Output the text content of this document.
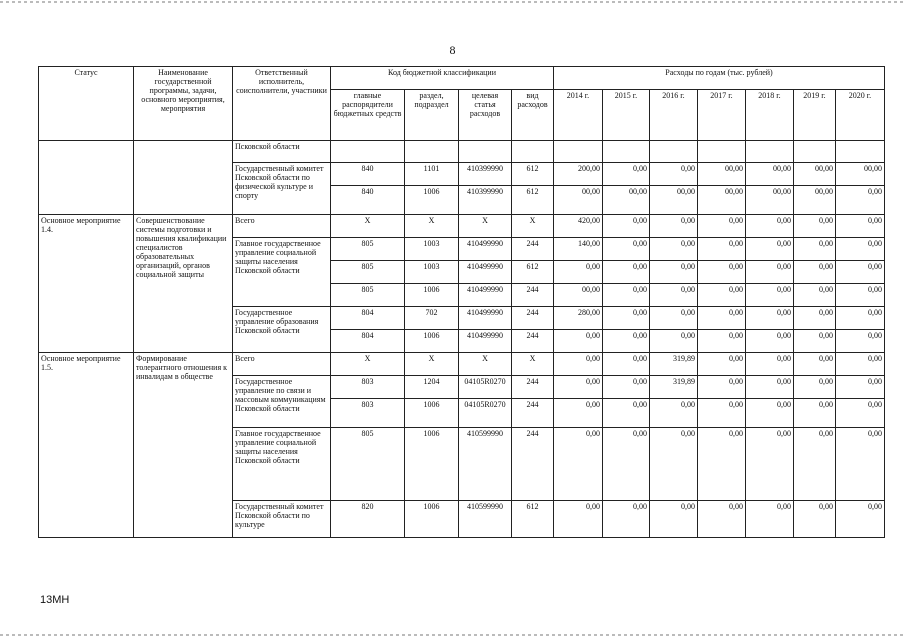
8
Статус	Наименование государственной программы, задачи, основного мероприятия, мероприятия	Ответственный исполнитель, соисполнители, участники	Код бюджетной классификации				Расходы по годам (тыс. рублей)						
			главные распорядители бюджетных средств	раздел, подраздел	целевая статья расходов	вид расходов	2014 г.	2015 г.	2016 г.	2017 г.	2018 г.	2019 г.	2020 г.
		Псковской области											
		Государственный комитет Псковской области по физической культуре и спорту	840	1101	410399990	612	200,00	0,00	0,00	00,00	00,00	00,00	00,00
			840	1006	410399990	612	00,00	00,00	00,00	00,00	00,00	00,00	0,00
Основное мероприятие 1.4.	Совершенствование системы подготовки и повышения квалификации специалистов образовательных организаций, органов социальной защиты	Всего	X	X	X	X	420,00	0,00	0,00	0,00	0,00	0,00	0,00
		Главное государственное управление социальной защиты населения Псковской области	805	1003	410499990	244	140,00	0,00	0,00	0,00	0,00	0,00	0,00
			805	1003	410499990	612	0,00	0,00	0,00	0,00	0,00	0,00	0,00
			805	1006	410499990	244	00,00	0,00	0,00	0,00	0,00	0,00	0,00
		Государственное управление образования Псковской области	804	702	410499990	244	280,00	0,00	0,00	0,00	0,00	0,00	0,00
			804	1006	410499990	244	0,00	0,00	0,00	0,00	0,00	0,00	0,00
Основное мероприятие 1.5.	Формирование толерантного отношения к инвалидам в обществе	Всего	X	X	X	X	0,00	0,00	319,89	0,00	0,00	0,00	0,00
		Государственное управление по связи и массовым коммуникациям Псковской области	803	1204	04105R0270	244	0,00	0,00	319,89	0,00	0,00	0,00	0,00
			803	1006	04105R0270	244	0,00	0,00	0,00	0,00	0,00	0,00	0,00
		Главное государственное управление социальной защиты населения Псковской области	805	1006	410599990	244	0,00	0,00	0,00	0,00	0,00	0,00	0,00
		Государственный комитет Псковской области по культуре	820	1006	410599990	612	0,00	0,00	0,00	0,00	0,00	0,00	0,00
13МН
